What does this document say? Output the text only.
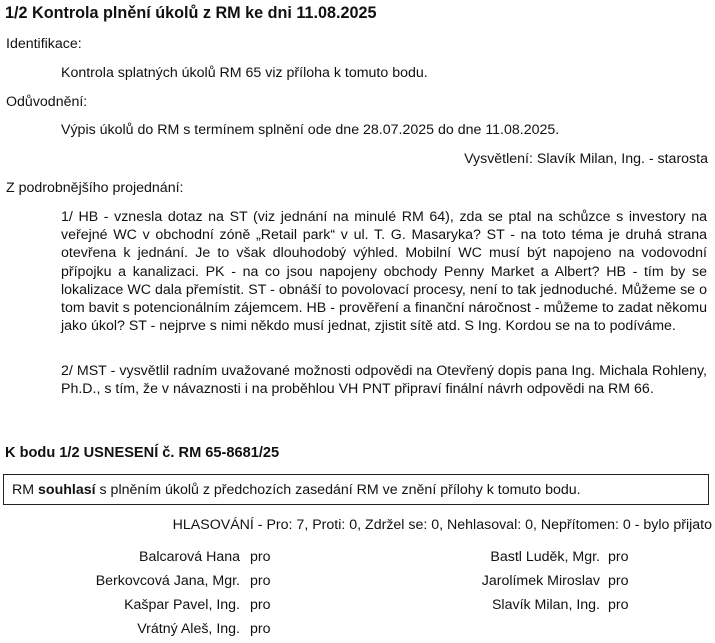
1/2 Kontrola plnění úkolů z RM ke dni 11.08.2025
Identifikace:
Kontrola splatných úkolů RM 65 viz příloha k tomuto bodu.
Odůvodnění:
Výpis úkolů do RM s termínem splnění ode dne 28.07.2025 do dne 11.08.2025.
Vysvětlení: Slavík Milan, Ing. - starosta
Z podrobnějšího projednání:
1/ HB - vznesla dotaz na ST (viz jednání na minulé RM 64), zda se ptal na schůzce s investory na veřejné WC v obchodní zóně „Retail park“ v ul. T. G. Masaryka? ST - na toto téma je druhá strana otevřena k jednání. Je to však dlouhodobý výhled. Mobilní WC musí být napojeno na vodovodní přípojku a kanalizaci. PK - na co jsou napojeny obchody Penny Market a Albert? HB - tím by se lokalizace WC dala přemístit. ST - obnáší to povolovací procesy, není to tak jednoduché. Můžeme se o tom bavit s potencionálním zájemcem. HB - prověření a finanční náročnost - můžeme to zadat někomu jako úkol? ST - nejprve s nimi někdo musí jednat, zjistit sítě atd. S Ing. Kordou se na to podíváme.
2/ MST - vysvětlil radním uvažované možnosti odpovědi na Otevřený dopis pana Ing. Michala Rohleny, Ph.D., s tím, že v návaznosti i na proběhlou VH PNT připraví finální návrh odpovědi na RM 66.
K bodu 1/2 USNESENÍ č. RM 65-8681/25
RM souhlasí s plněním úkolů z předchozích zasedání RM ve znění přílohy k tomuto bodu.
HLASOVÁNÍ - Pro: 7, Proti: 0, Zdržel se: 0, Nehlasoval: 0, Nepřítomen: 0 - bylo přijato
Balcarová Hana pro
Berkovcová Jana, Mgr. pro
Kašpar Pavel, Ing. pro
Vrátný Aleš, Ing. pro
Bastl Luděk, Mgr. pro
Jarolímek Miroslav pro
Slavík Milan, Ing. pro
